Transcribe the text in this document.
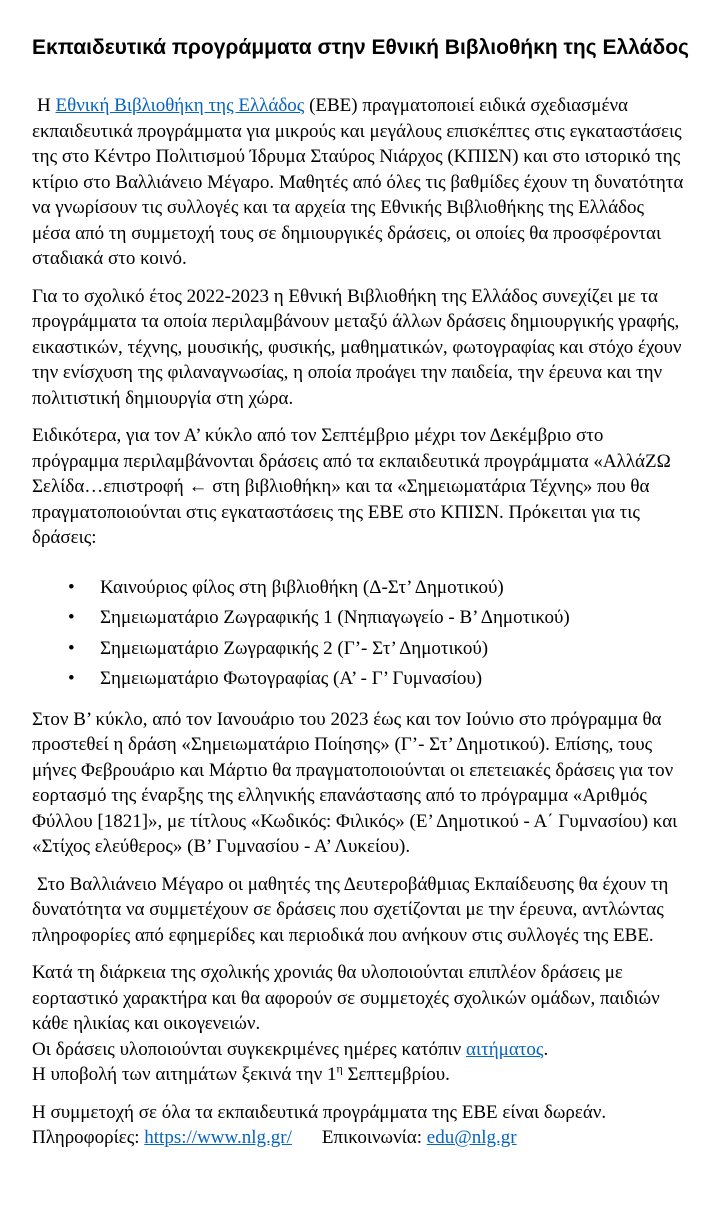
Εκπαιδευτικά προγράμματα στην Εθνική Βιβλιοθήκη της Ελλάδος

Η Εθνική Βιβλιοθήκη της Ελλάδος (ΕΒΕ) πραγματοποιεί ειδικά σχεδιασμένα εκπαιδευτικά προγράμματα για μικρούς και μεγάλους επισκέπτες στις εγκαταστάσεις της στο Κέντρο Πολιτισμού Ίδρυμα Σταύρος Νιάρχος (ΚΠΙΣΝ) και στο ιστορικό της κτίριο στο Βαλλιάνειο Μέγαρο. Μαθητές από όλες τις βαθμίδες έχουν τη δυνατότητα να γνωρίσουν τις συλλογές και τα αρχεία της Εθνικής Βιβλιοθήκης της Ελλάδος μέσα από τη συμμετοχή τους σε δημιουργικές δράσεις, οι οποίες θα προσφέρονται σταδιακά στο κοινό.

Για το σχολικό έτος 2022-2023 η Εθνική Βιβλιοθήκη της Ελλάδος συνεχίζει με τα προγράμματα τα οποία περιλαμβάνουν μεταξύ άλλων δράσεις δημιουργικής γραφής, εικαστικών, τέχνης, μουσικής, φυσικής, μαθηματικών, φωτογραφίας και στόχο έχουν την ενίσχυση της φιλαναγνωσίας, η οποία προάγει την παιδεία, την έρευνα και την πολιτιστική δημιουργία στη χώρα.

Ειδικότερα, για τον Α’ κύκλο από τον Σεπτέμβριο μέχρι τον Δεκέμβριο στο πρόγραμμα περιλαμβάνονται δράσεις από τα εκπαιδευτικά προγράμματα «ΑλλάΖΩ Σελίδα…επιστροφή ← στη βιβλιοθήκη» και τα «Σημειωματάρια Τέχνης» που θα πραγματοποιούνται στις εγκαταστάσεις της ΕΒΕ στο ΚΠΙΣΝ. Πρόκειται για τις δράσεις:

• Καινούριος φίλος στη βιβλιοθήκη (Δ-Στ’ Δημοτικού)
• Σημειωματάριο Ζωγραφικής 1 (Νηπιαγωγείο - Β’ Δημοτικού)
• Σημειωματάριο Ζωγραφικής 2 (Γ’- Στ’ Δημοτικού)
• Σημειωματάριο Φωτογραφίας (Α’ - Γ’ Γυμνασίου)

Στον Β’ κύκλο, από τον Ιανουάριο του 2023 έως και τον Ιούνιο στο πρόγραμμα θα προστεθεί η δράση «Σημειωματάριο Ποίησης» (Γ’- Στ’ Δημοτικού). Επίσης, τους μήνες Φεβρουάριο και Μάρτιο θα πραγματοποιούνται οι επετειακές δράσεις για τον εορτασμό της έναρξης της ελληνικής επανάστασης από το πρόγραμμα «Αριθμός Φύλλου [1821]», με τίτλους «Κωδικός: Φιλικός» (Ε’ Δημοτικού - Α΄ Γυμνασίου) και «Στίχος ελεύθερος» (Β’ Γυμνασίου - Α’ Λυκείου).

Στο Βαλλιάνειο Μέγαρο οι μαθητές της Δευτεροβάθμιας Εκπαίδευσης θα έχουν τη δυνατότητα να συμμετέχουν σε δράσεις που σχετίζονται με την έρευνα, αντλώντας πληροφορίες από εφημερίδες και περιοδικά που ανήκουν στις συλλογές της ΕΒΕ.

Κατά τη διάρκεια της σχολικής χρονιάς θα υλοποιούνται επιπλέον δράσεις με εορταστικό χαρακτήρα και θα αφορούν σε συμμετοχές σχολικών ομάδων, παιδιών κάθε ηλικίας και οικογενειών.
Οι δράσεις υλοποιούνται συγκεκριμένες ημέρες κατόπιν αιτήματος.
Η υποβολή των αιτημάτων ξεκινά την $1^\eta$ Σεπτεμβρίου.

Η συμμετοχή σε όλα τα εκπαιδευτικά προγράμματα της ΕΒΕ είναι δωρεάν.
Πληροφορίες: https://www.nlg.gr/ Επικοινωνία: edu@nlg.gr
